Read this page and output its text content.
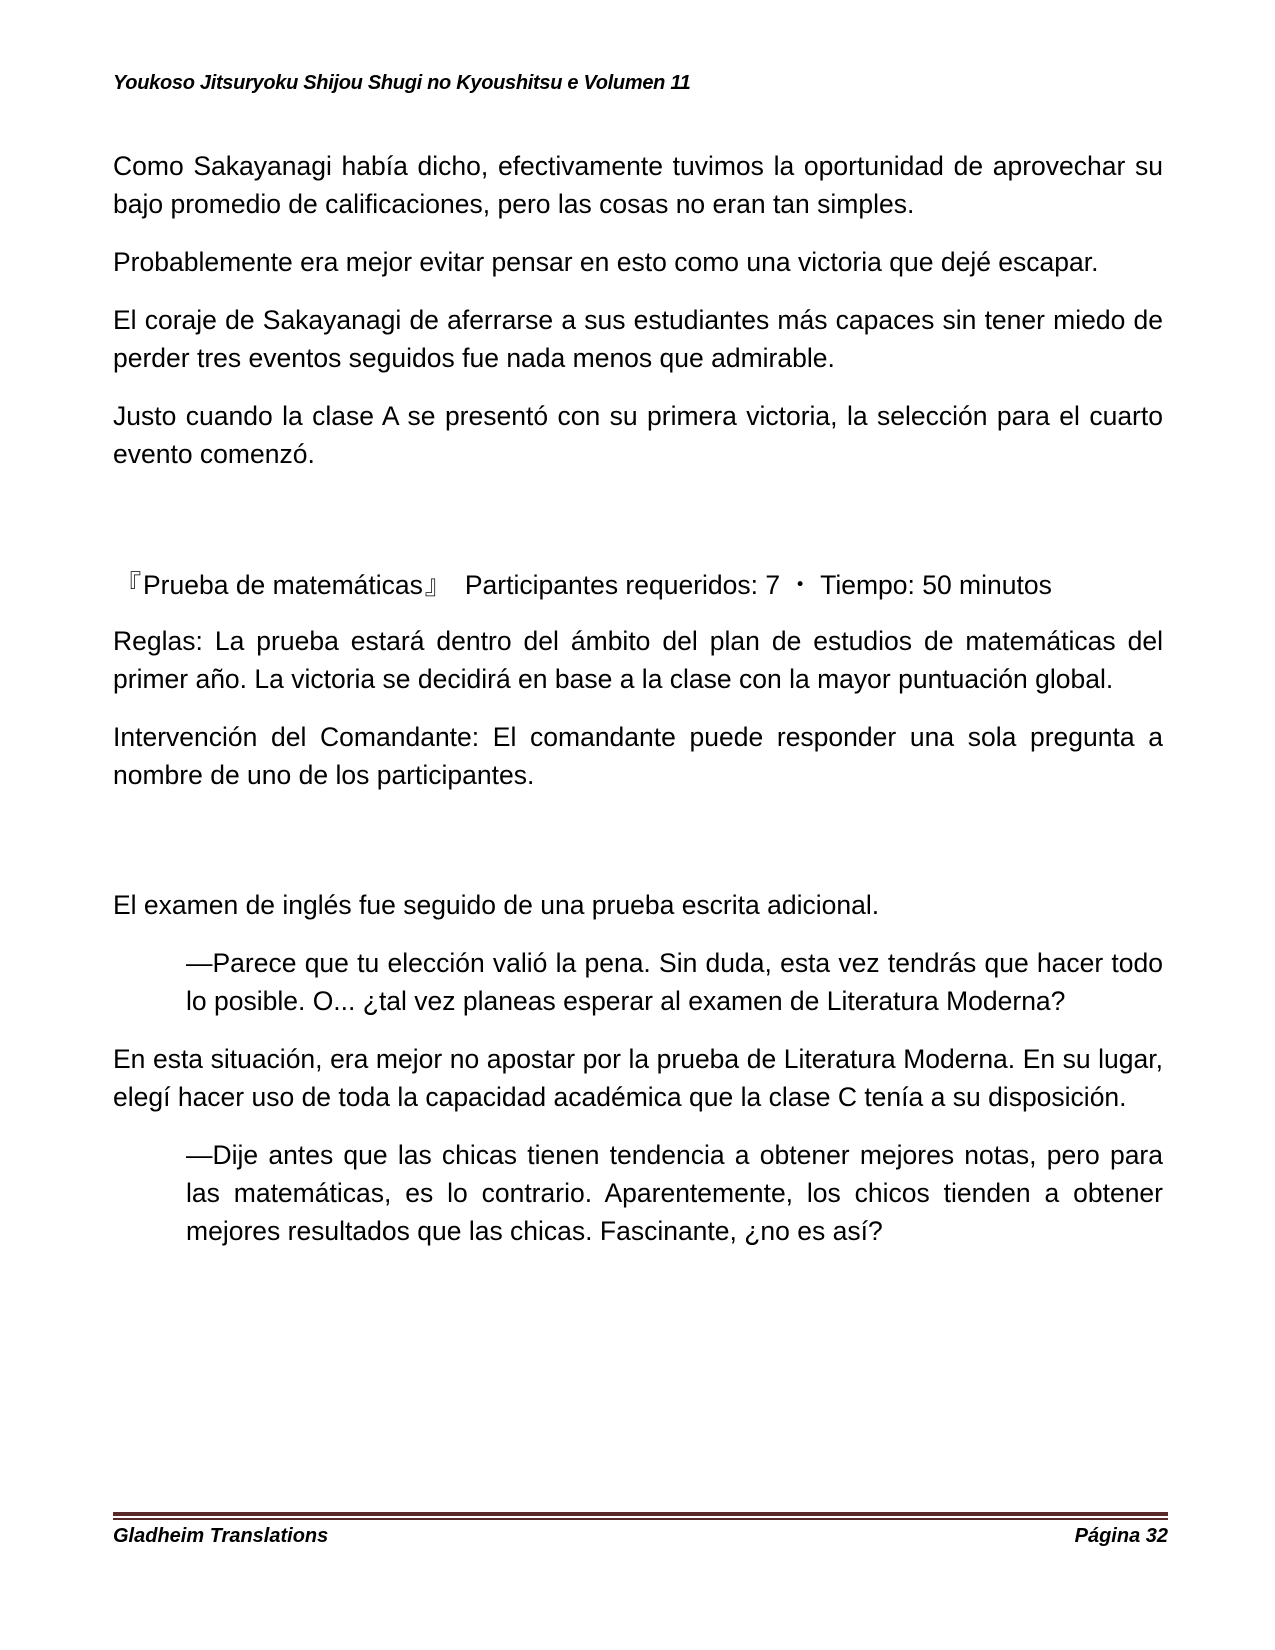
Youkoso Jitsuryoku Shijou Shugi no Kyoushitsu e Volumen 11

Como Sakayanagi había dicho, efectivamente tuvimos la oportunidad de aprovechar su bajo promedio de calificaciones, pero las cosas no eran tan simples.

Probablemente era mejor evitar pensar en esto como una victoria que dejé escapar.

El coraje de Sakayanagi de aferrarse a sus estudiantes más capaces sin tener miedo de perder tres eventos seguidos fue nada menos que admirable.

Justo cuando la clase A se presentó con su primera victoria, la selección para el cuarto evento comenzó.

『 Prueba de matemáticas 』 Participantes requeridos: 7 ・ Tiempo: 50 minutos

Reglas: La prueba estará dentro del ámbito del plan de estudios de matemáticas del primer año. La victoria se decidirá en base a la clase con la mayor puntuación global.

Intervención del Comandante: El comandante puede responder una sola pregunta a nombre de uno de los participantes.

El examen de inglés fue seguido de una prueba escrita adicional.

—Parece que tu elección valió la pena. Sin duda, esta vez tendrás que hacer todo lo posible. O... ¿tal vez planeas esperar al examen de Literatura Moderna?

En esta situación, era mejor no apostar por la prueba de Literatura Moderna. En su lugar, elegí hacer uso de toda la capacidad académica que la clase C tenía a su disposición.

—Dije antes que las chicas tienen tendencia a obtener mejores notas, pero para las matemáticas, es lo contrario. Aparentemente, los chicos tienden a obtener mejores resultados que las chicas. Fascinante, ¿no es así?

Gladheim Translations	Página 32
